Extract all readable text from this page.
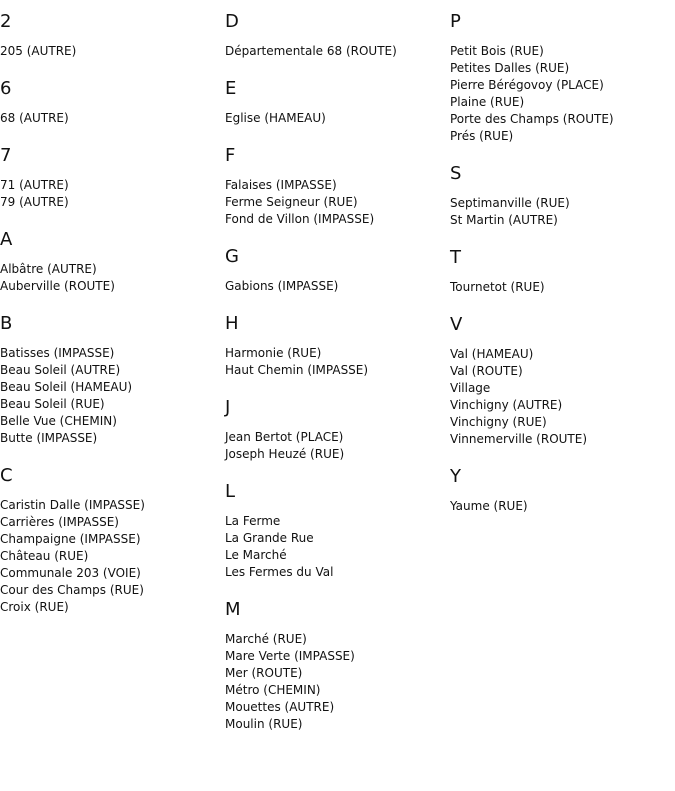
2
205 (AUTRE)
6
68 (AUTRE)
7
71 (AUTRE)
79 (AUTRE)
A
Albâtre (AUTRE)
Auberville (ROUTE)
B
Batisses (IMPASSE)
Beau Soleil (AUTRE)
Beau Soleil (HAMEAU)
Beau Soleil (RUE)
Belle Vue (CHEMIN)
Butte (IMPASSE)
C
Caristin Dalle (IMPASSE)
Carrières (IMPASSE)
Champaigne (IMPASSE)
Château (RUE)
Communale 203 (VOIE)
Cour des Champs (RUE)
Croix (RUE)
D
Départementale 68 (ROUTE)
E
Eglise (HAMEAU)
F
Falaises (IMPASSE)
Ferme Seigneur (RUE)
Fond de Villon (IMPASSE)
G
Gabions (IMPASSE)
H
Harmonie (RUE)
Haut Chemin (IMPASSE)
J
Jean Bertot (PLACE)
Joseph Heuzé (RUE)
L
La Ferme
La Grande Rue
Le Marché
Les Fermes du Val
M
Marché (RUE)
Mare Verte (IMPASSE)
Mer (ROUTE)
Métro (CHEMIN)
Mouettes (AUTRE)
Moulin (RUE)
P
Petit Bois (RUE)
Petites Dalles (RUE)
Pierre Bérégovoy (PLACE)
Plaine (RUE)
Porte des Champs (ROUTE)
Prés (RUE)
S
Septimanville (RUE)
St Martin (AUTRE)
T
Tournetot (RUE)
V
Val (HAMEAU)
Val (ROUTE)
Village
Vinchigny (AUTRE)
Vinchigny (RUE)
Vinnemerville (ROUTE)
Y
Yaume (RUE)
